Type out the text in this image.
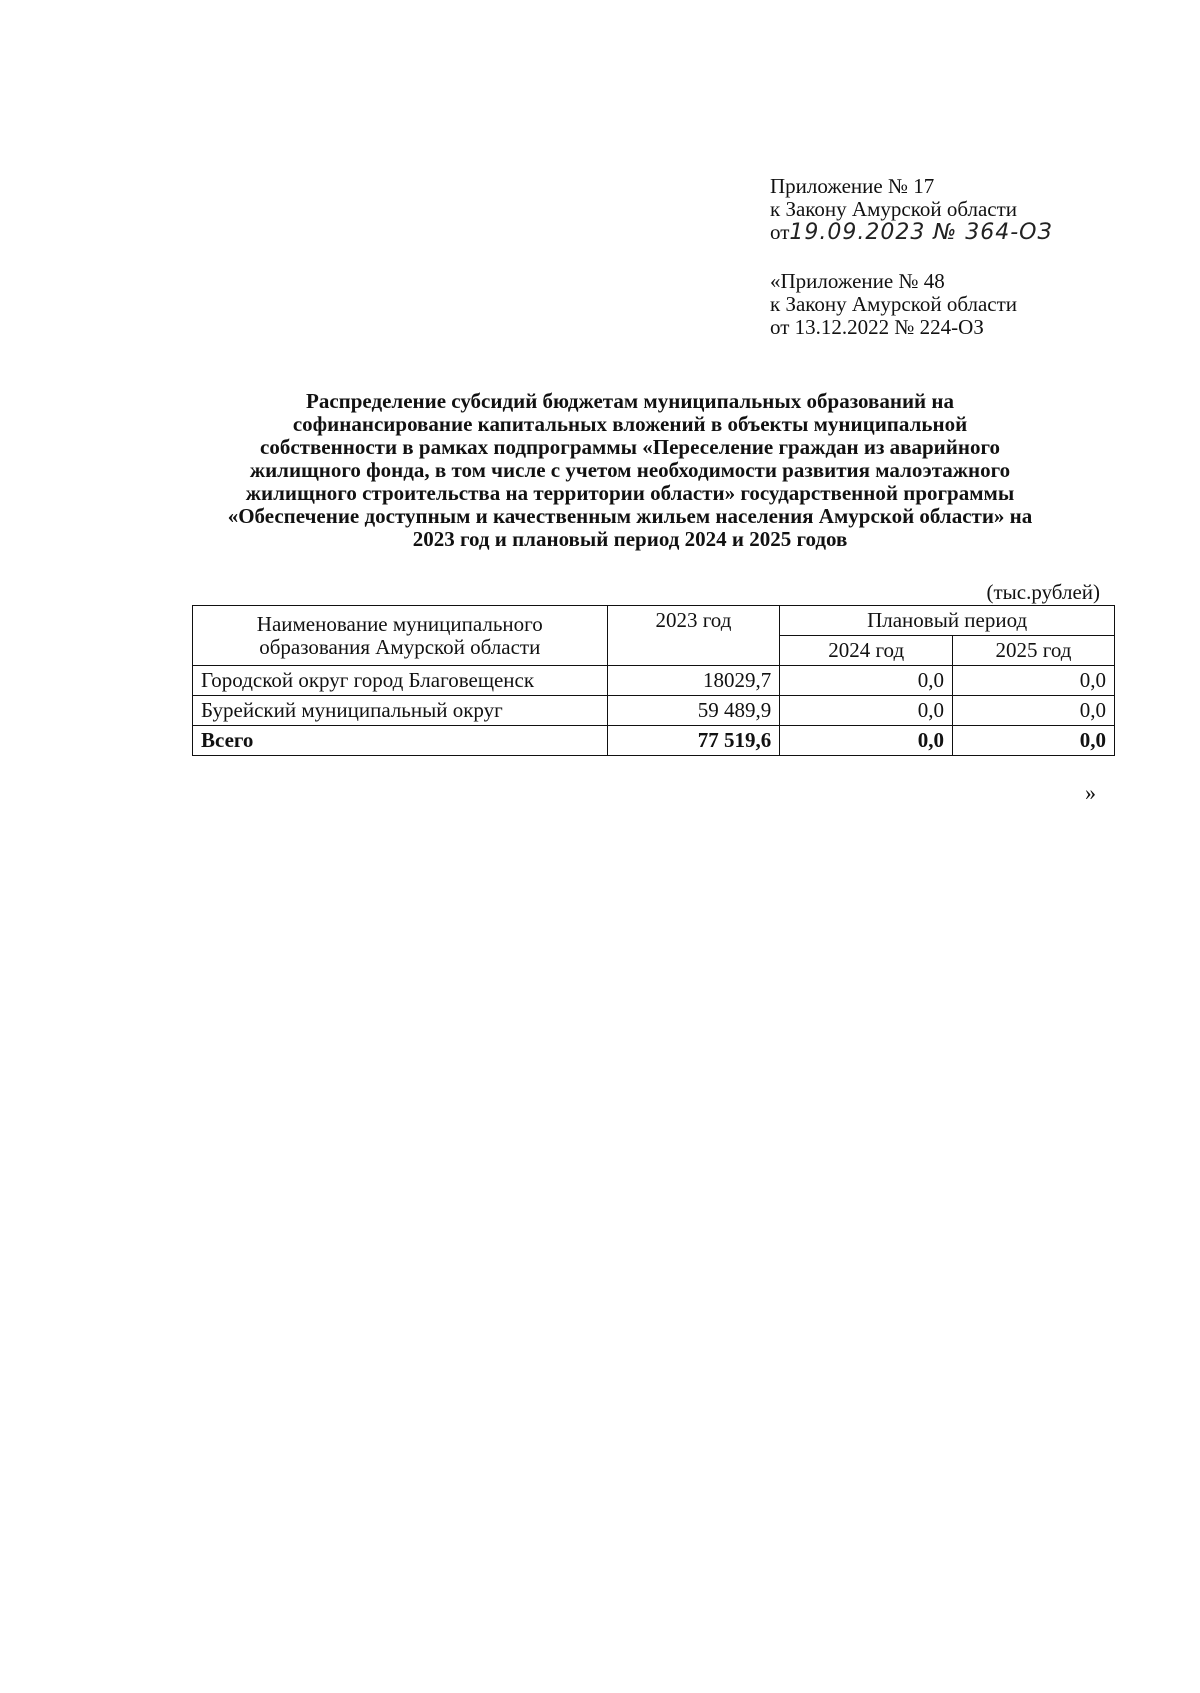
Приложение № 17
к Закону Амурской области
от19.09.2023 № 364-ОЗ
«Приложение № 48
к Закону Амурской области
от 13.12.2022 № 224-ОЗ
Распределение субсидий бюджетам муниципальных образований на
софинансирование капитальных вложений в объекты муниципальной
собственности в рамках подпрограммы «Переселение граждан из аварийного
жилищного фонда, в том числе с учетом необходимости развития малоэтажного
жилищного строительства на территории области» государственной программы
«Обеспечение доступным и качественным жильем населения Амурской области» на
2023 год и плановый период 2024 и 2025 годов
(тыс.рублей)
Наименование муниципального образования Амурской области	2023 год	Плановый период	
		2024 год	2025 год
Городской округ город Благовещенск	18029,7	0,0	0,0
Бурейский муниципальный округ	59 489,9	0,0	0,0
Всего	77 519,6	0,0	0,0
»
